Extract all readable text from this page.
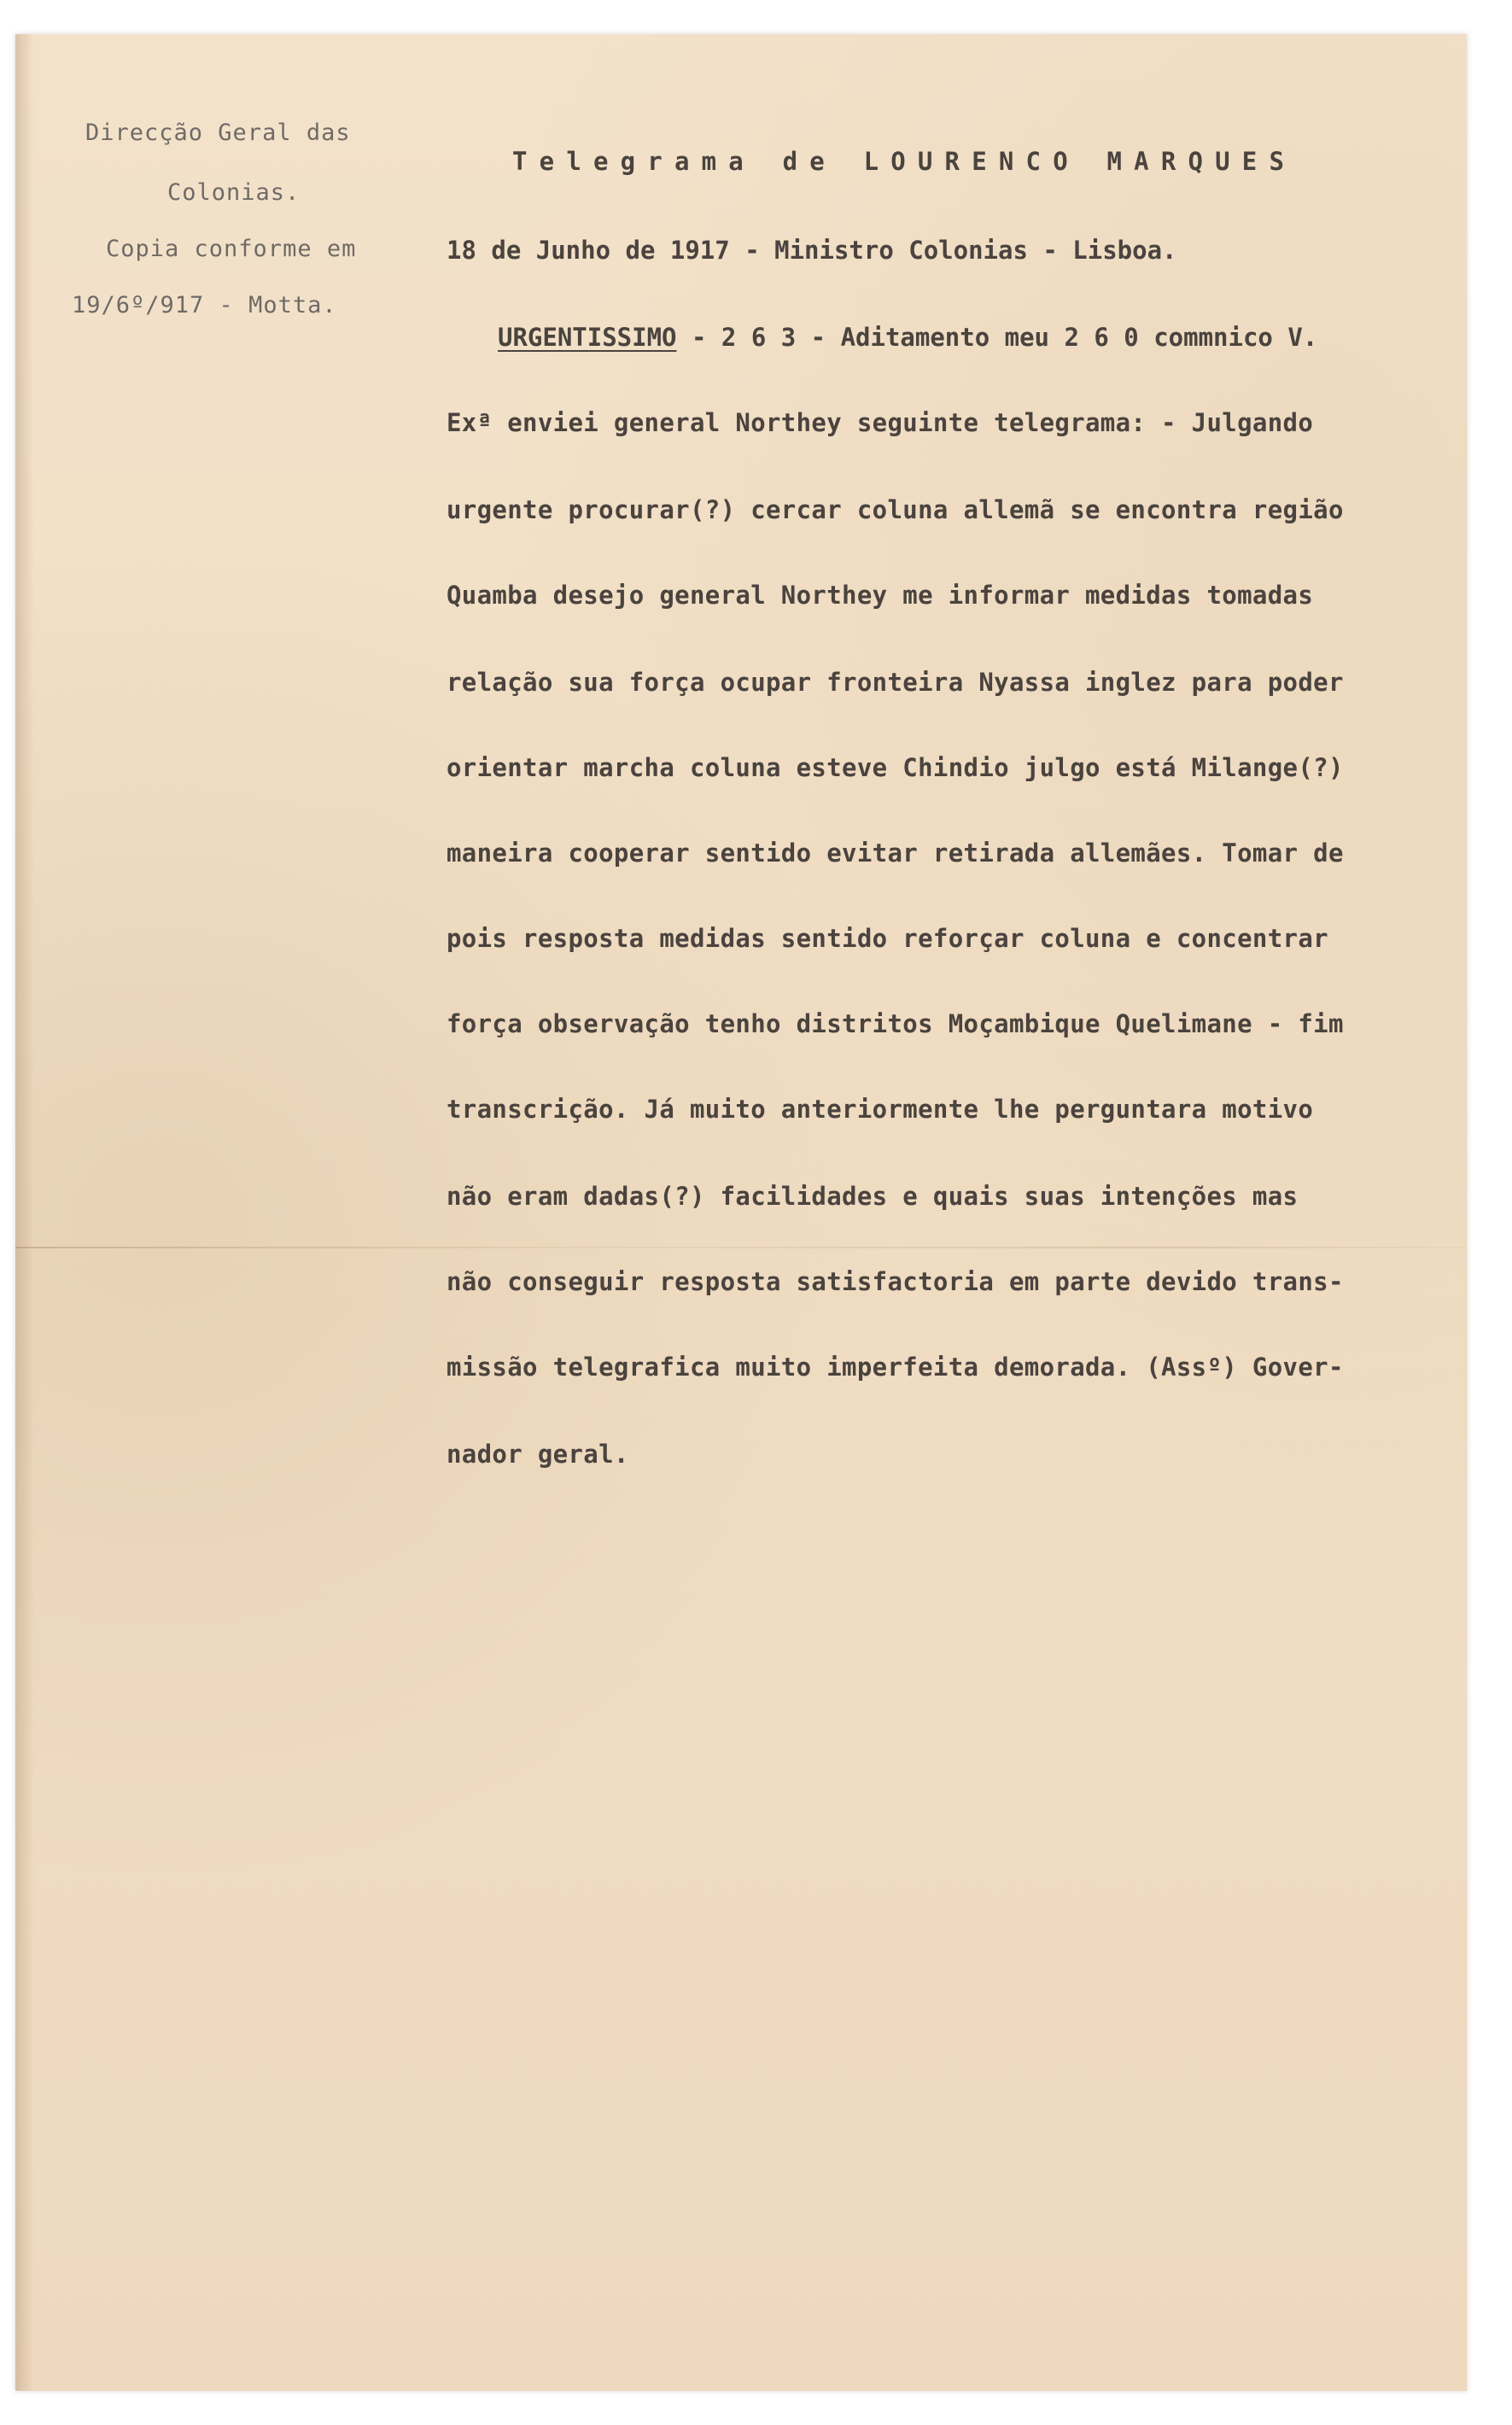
Direcção Geral das
Colonias.
Copia conforme em
19/6º/917 - Motta.
Telegrama de LOURENCO MARQUES
18 de Junho de 1917 - Ministro Colonias - Lisboa.
URGENTISSIMO - 2 6 3 - Aditamento meu 2 6 0 commnico V.
Exª enviei general Northey seguinte telegrama: - Julgando
urgente procurar(?) cercar coluna allemã se encontra região
Quamba desejo general Northey me informar medidas tomadas
relação sua força ocupar fronteira Nyassa inglez para poder
orientar marcha coluna esteve Chindio julgo está Milange(?)
maneira cooperar sentido evitar retirada allemães. Tomar de
pois resposta medidas sentido reforçar coluna e concentrar
força observação tenho distritos Moçambique Quelimane - fim
transcrição. Já muito anteriormente lhe perguntara motivo
não eram dadas(?) facilidades e quais suas intenções mas
não conseguir resposta satisfactoria em parte devido trans-
missão telegrafica muito imperfeita demorada. (Assº) Gover-
nador geral.
